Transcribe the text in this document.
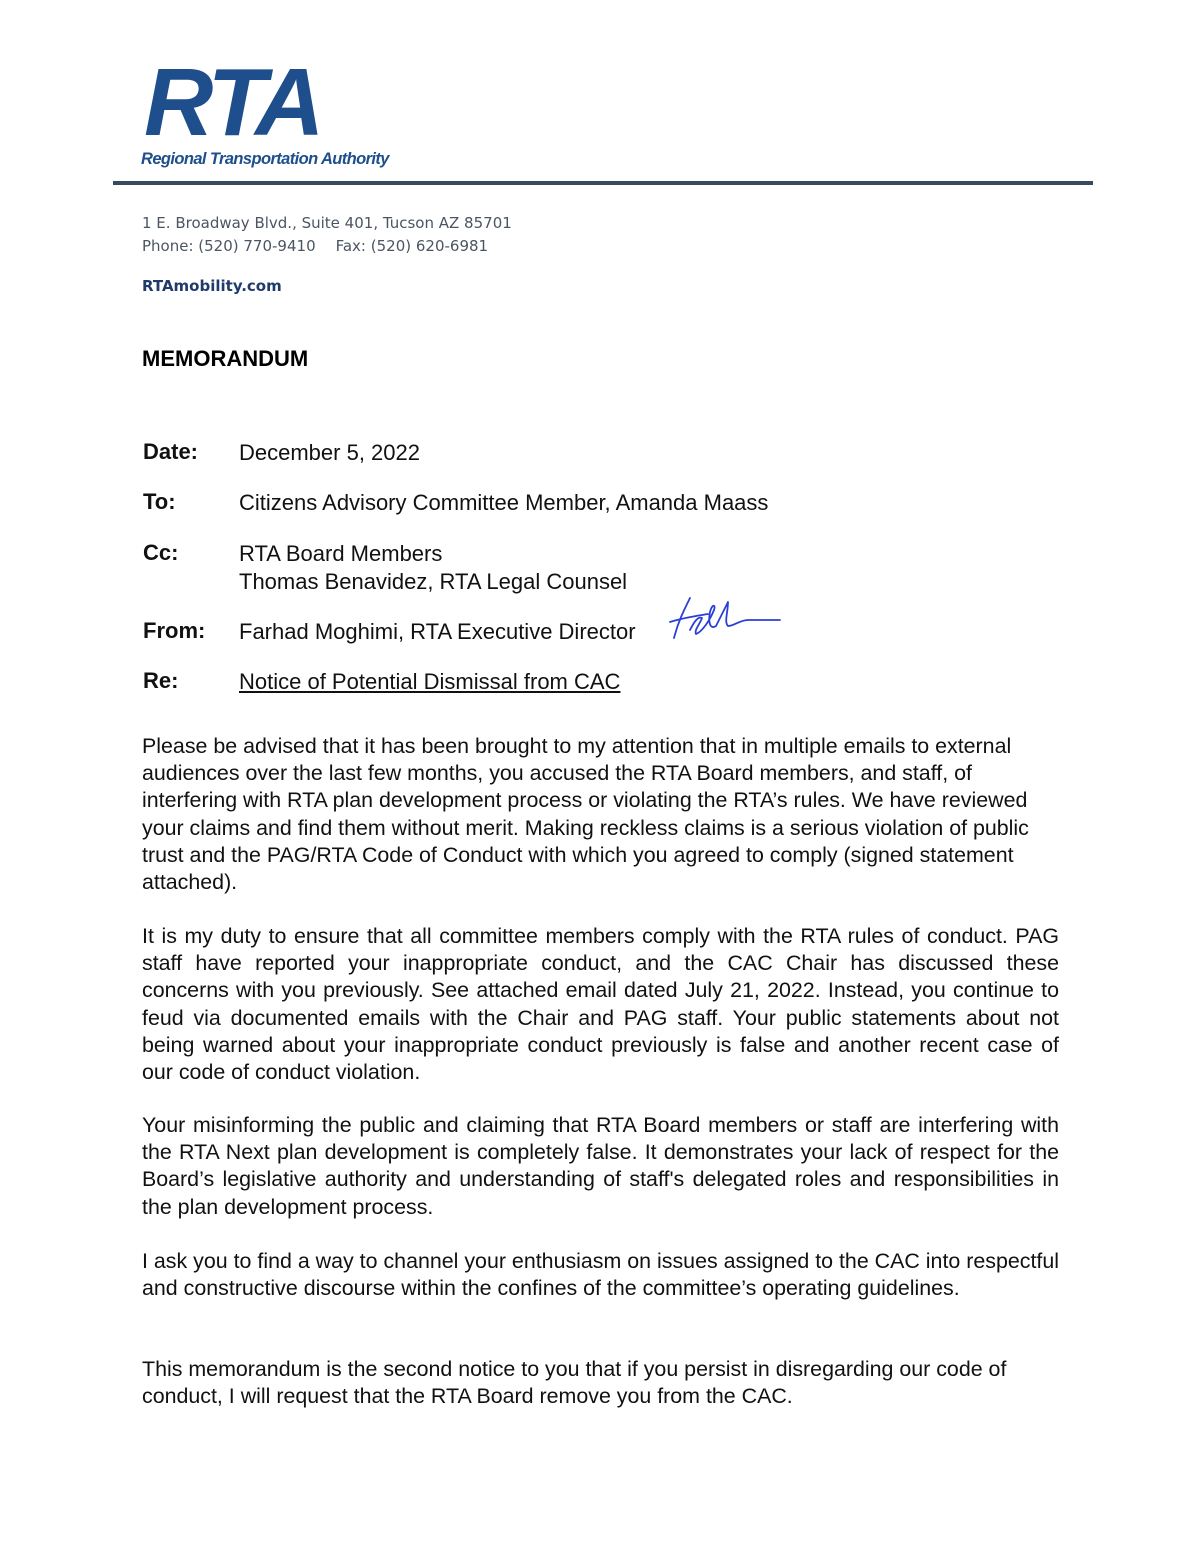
RTA
Regional Transportation Authority
1 E. Broadway Blvd., Suite 401, Tucson AZ 85701
Phone: (520) 770-9410 Fax: (520) 620-6981
RTAmobility.com
MEMORANDUM
Date: December 5, 2022
To:	Citizens Advisory Committee Member, Amanda Maass
Cc:	RTA Board Members
Thomas Benavidez, RTA Legal Counsel
From: Farhad Moghimi, RTA Executive Director
Re:	Notice of Potential Dismissal from CAC

Please be advised that it has been brought to my attention that in multiple emails to external audiences over the last few months, you accused the RTA Board members, and staff, of interfering with RTA plan development process or violating the RTA’s rules. We have reviewed your claims and find them without merit. Making reckless claims is a serious violation of public trust and the PAG/RTA Code of Conduct with which you agreed to comply (signed statement attached).

It is my duty to ensure that all committee members comply with the RTA rules of conduct. PAG staff have reported your inappropriate conduct, and the CAC Chair has discussed these concerns with you previously. See attached email dated July 21, 2022. Instead, you continue to feud via documented emails with the Chair and PAG staff. Your public statements about not being warned about your inappropriate conduct previously is false and another recent case of our code of conduct violation.

Your misinforming the public and claiming that RTA Board members or staff are interfering with the RTA Next plan development is completely false. It demonstrates your lack of respect for the Board’s legislative authority and understanding of staff's delegated roles and responsibilities in the plan development process.

I ask you to find a way to channel your enthusiasm on issues assigned to the CAC into respectful and constructive discourse within the confines of the committee’s operating guidelines.

This memorandum is the second notice to you that if you persist in disregarding our code of conduct, I will request that the RTA Board remove you from the CAC.
